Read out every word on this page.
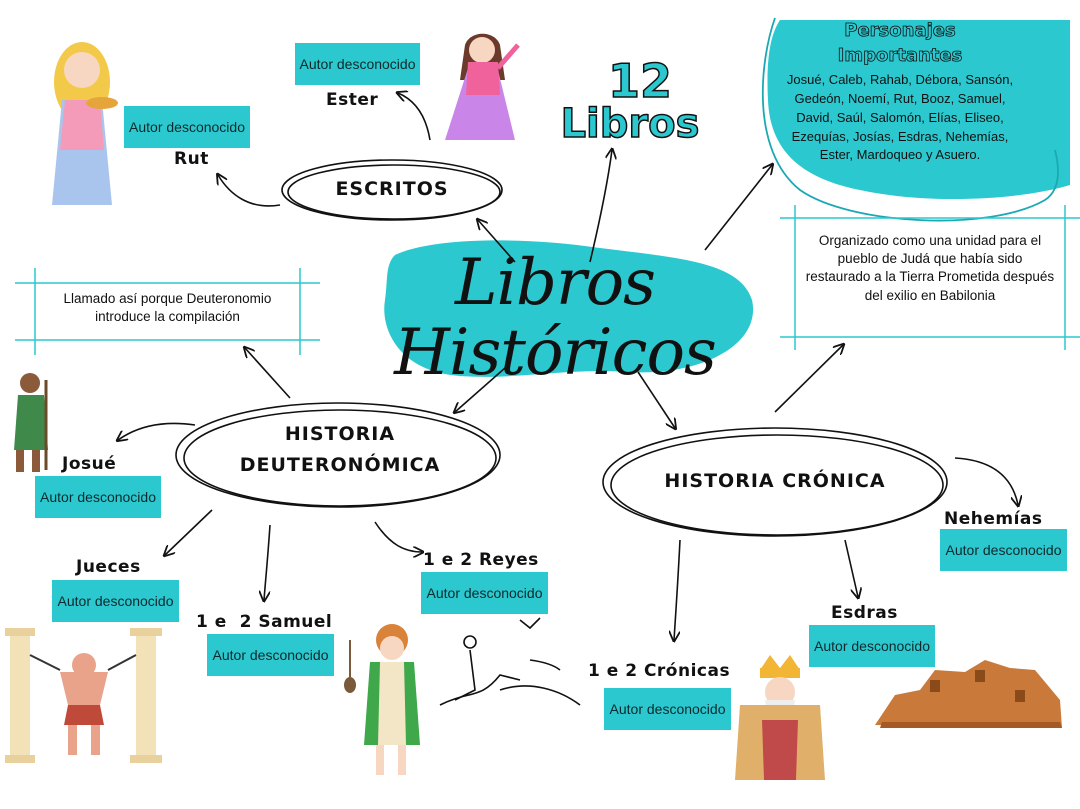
Libros Históricos
12
Libros
Personajes
Importantes
Josué, Caleb, Rahab, Débora, Sansón, Gedeón, Noemí, Rut, Booz, Samuel, David, Saúl, Salomón, Elías, Eliseo, Ezequías, Josías, Esdras, Nehemías, Ester, Mardoqueo y Asuero.
Organizado como una unidad para el pueblo de Judá que había sido restaurado a la Tierra Prometida después del exilio en Babilonia
Llamado así porque Deuteronomio introduce la compilación
ESCRITOS
HISTORIA
DEUTERONÓMICA
HISTORIA CRÓNICA
Autor desconocido
Ester
Autor desconocido
Rut
Josué
Autor desconocido
Jueces
Autor desconocido
1 e  2 Samuel
Autor desconocido
1 e 2 Reyes
Autor desconocido
1 e 2 Crónicas
Autor desconocido
Esdras
Autor desconocido
Nehemías
Autor desconocido
